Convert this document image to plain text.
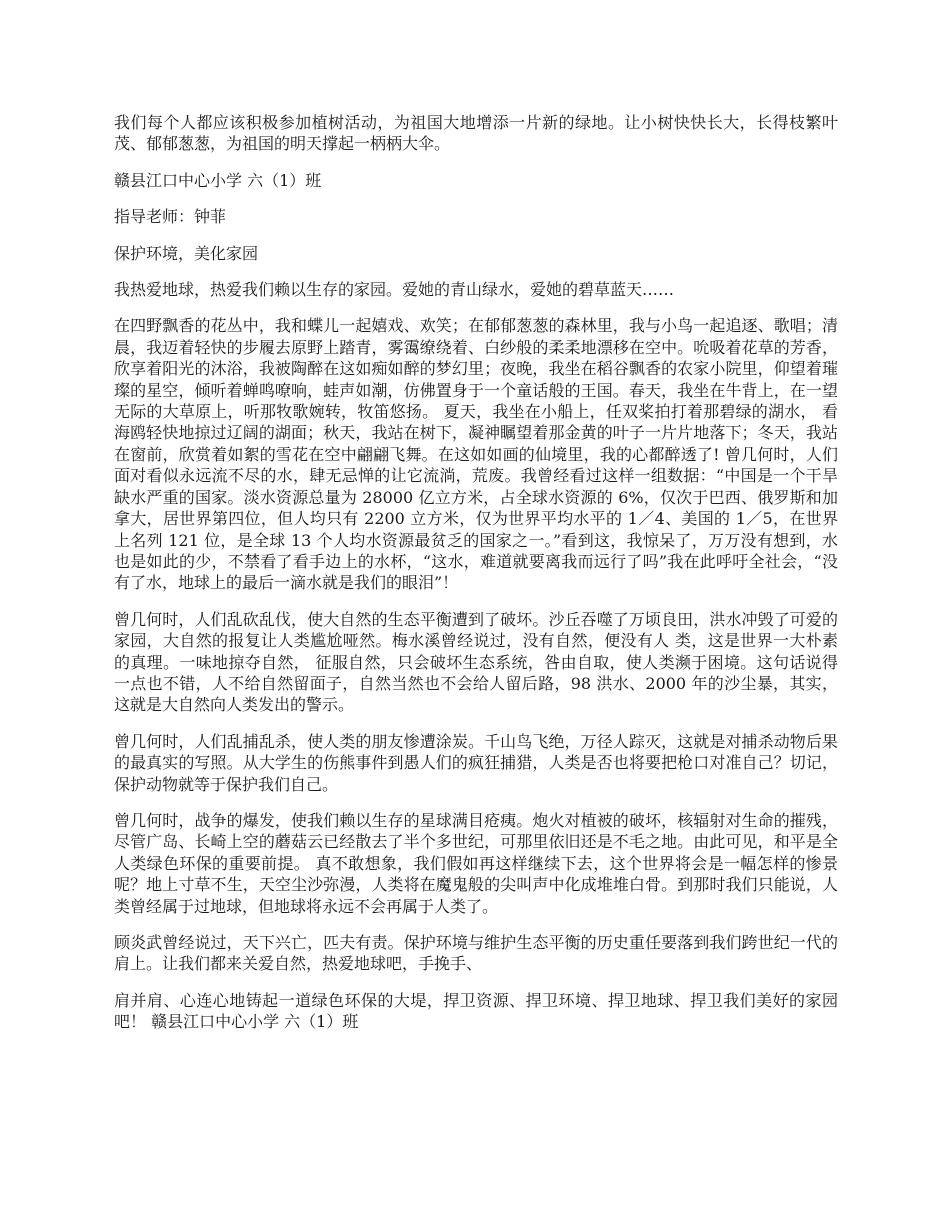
我们每个人都应该积极参加植树活动，为祖国大地增添一片新的绿地。让小树快快长大，长得枝繁叶茂、郁郁葱葱，为祖国的明天撑起一柄柄大伞。

赣县江口中心小学 六（1）班

指导老师：钟菲

保护环境，美化家园

我热爱地球，热爱我们赖以生存的家园。爱她的青山绿水，爱她的碧草蓝天……

在四野飘香的花丛中，我和蝶儿一起嬉戏、欢笑；在郁郁葱葱的森林里，我与小鸟一起追逐、歌唱；清晨，我迈着轻快的步履去原野上踏青，雾霭缭绕着、白纱般的柔柔地漂移在空中。吮吸着花草的芳香， 欣享着阳光的沐浴，我被陶醉在这如痴如醉的梦幻里；夜晚，我坐在稻谷飘香的农家小院里，仰望着璀璨的星空，倾听着蝉鸣嘹响，蛙声如潮，仿佛置身于一个童话般的王国。春天，我坐在牛背上，在一望无际的大草原上，听那牧歌婉转，牧笛悠扬。 夏天，我坐在小船上，任双桨拍打着那碧绿的湖水， 看海鸥轻快地掠过辽阔的湖面；秋天，我站在树下，凝神瞩望着那金黄的叶子一片片地落下；冬天，我站在窗前，欣赏着如絮的雪花在空中翩翩飞舞。在这如如画的仙境里，我的心都醉透了! 曾几何时，人们面对看似永远流不尽的水，肆无忌惮的让它流淌，荒废。我曾经看过这样一组数据：“中国是一个干旱缺水严重的国家。淡水资源总量为 28000 亿立方米，占全球水资源的 6%，仅次于巴西、俄罗斯和加拿大，居世界第四位，但人均只有 2200 立方米，仅为世界平均水平的 1／4、美国的 1／5，在世界上名列 121 位，是全球 13 个人均水资源最贫乏的国家之一。”看到这，我惊呆了，万万没有想到，水也是如此的少，不禁看了看手边上的水杯，“这水，难道就要离我而远行了吗”我在此呼吁全社会，“没有了水，地球上的最后一滴水就是我们的眼泪”！

曾几何时，人们乱砍乱伐，使大自然的生态平衡遭到了破坏。沙丘吞噬了万顷良田，洪水冲毁了可爱的家园，大自然的报复让人类尴尬哑然。梅水溪曾经说过，没有自然，便没有人 类，这是世界一大朴素的真理。一味地掠夺自然， 征服自然，只会破坏生态系统，咎由自取，使人类濒于困境。这句话说得一点也不错，人不给自然留面子，自然当然也不会给人留后路，98 洪水、2000 年的沙尘暴，其实，这就是大自然向人类发出的警示。

曾几何时，人们乱捕乱杀，使人类的朋友惨遭涂炭。千山鸟飞绝，万径人踪灭，这就是对捕杀动物后果的最真实的写照。从大学生的伤熊事件到愚人们的疯狂捕猎，人类是否也将要把枪口对准自己？切记，保护动物就等于保护我们自己。

曾几何时，战争的爆发，使我们赖以生存的星球满目疮痍。炮火对植被的破坏，核辐射对生命的摧残，尽管广岛、长崎上空的蘑菇云已经散去了半个多世纪，可那里依旧还是不毛之地。由此可见，和平是全人类绿色环保的重要前提。 真不敢想象，我们假如再这样继续下去，这个世界将会是一幅怎样的惨景呢？地上寸草不生，天空尘沙弥漫，人类将在魔鬼般的尖叫声中化成堆堆白骨。到那时我们只能说，人类曾经属于过地球，但地球将永远不会再属于人类了。

顾炎武曾经说过，天下兴亡，匹夫有责。保护环境与维护生态平衡的历史重任要落到我们跨世纪一代的肩上。让我们都来关爱自然，热爱地球吧，手挽手、

肩并肩、心连心地铸起一道绿色环保的大堤，捍卫资源、捍卫环境、捍卫地球、捍卫我们美好的家园吧！ 赣县江口中心小学 六（1）班
